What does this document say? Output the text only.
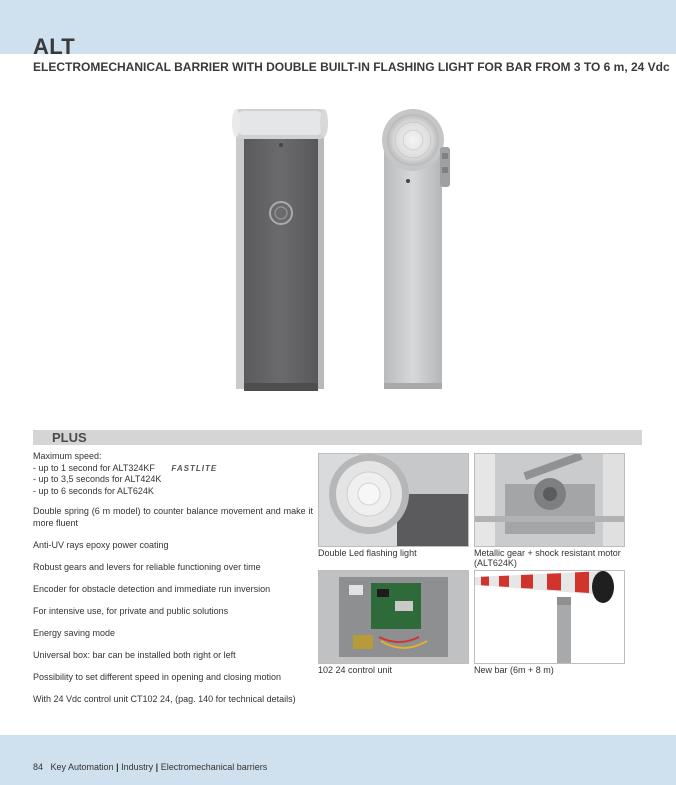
ALT
ELECTROMECHANICAL BARRIER WITH DOUBLE BUILT-IN FLASHING LIGHT FOR BAR FROM 3 TO 6 m, 24 Vdc
PLUS
Maximum speed:
- up to 1 second for ALT324KF FASTLITE
- up to 3,5 seconds for ALT424K
- up to 6 seconds for ALT624K
Double spring (6 m model) to counter balance movement and make it more fluent
Anti-UV rays epoxy power coating
Robust gears and levers for reliable functioning over time
Encoder for obstacle detection and immediate run inversion
For intensive use, for private and public solutions
Energy saving mode
Universal box: bar can be installed both right or left
Possibility to set different speed in opening and closing motion
With 24 Vdc control unit CT102 24, (pag. 140 for technical details)
Double Led flashing light	Metallic gear + shock resistant motor (ALT624K)
102 24 control unit	New bar (6m + 8 m)
84 Key Automation | Industry | Electromechanical barriers
